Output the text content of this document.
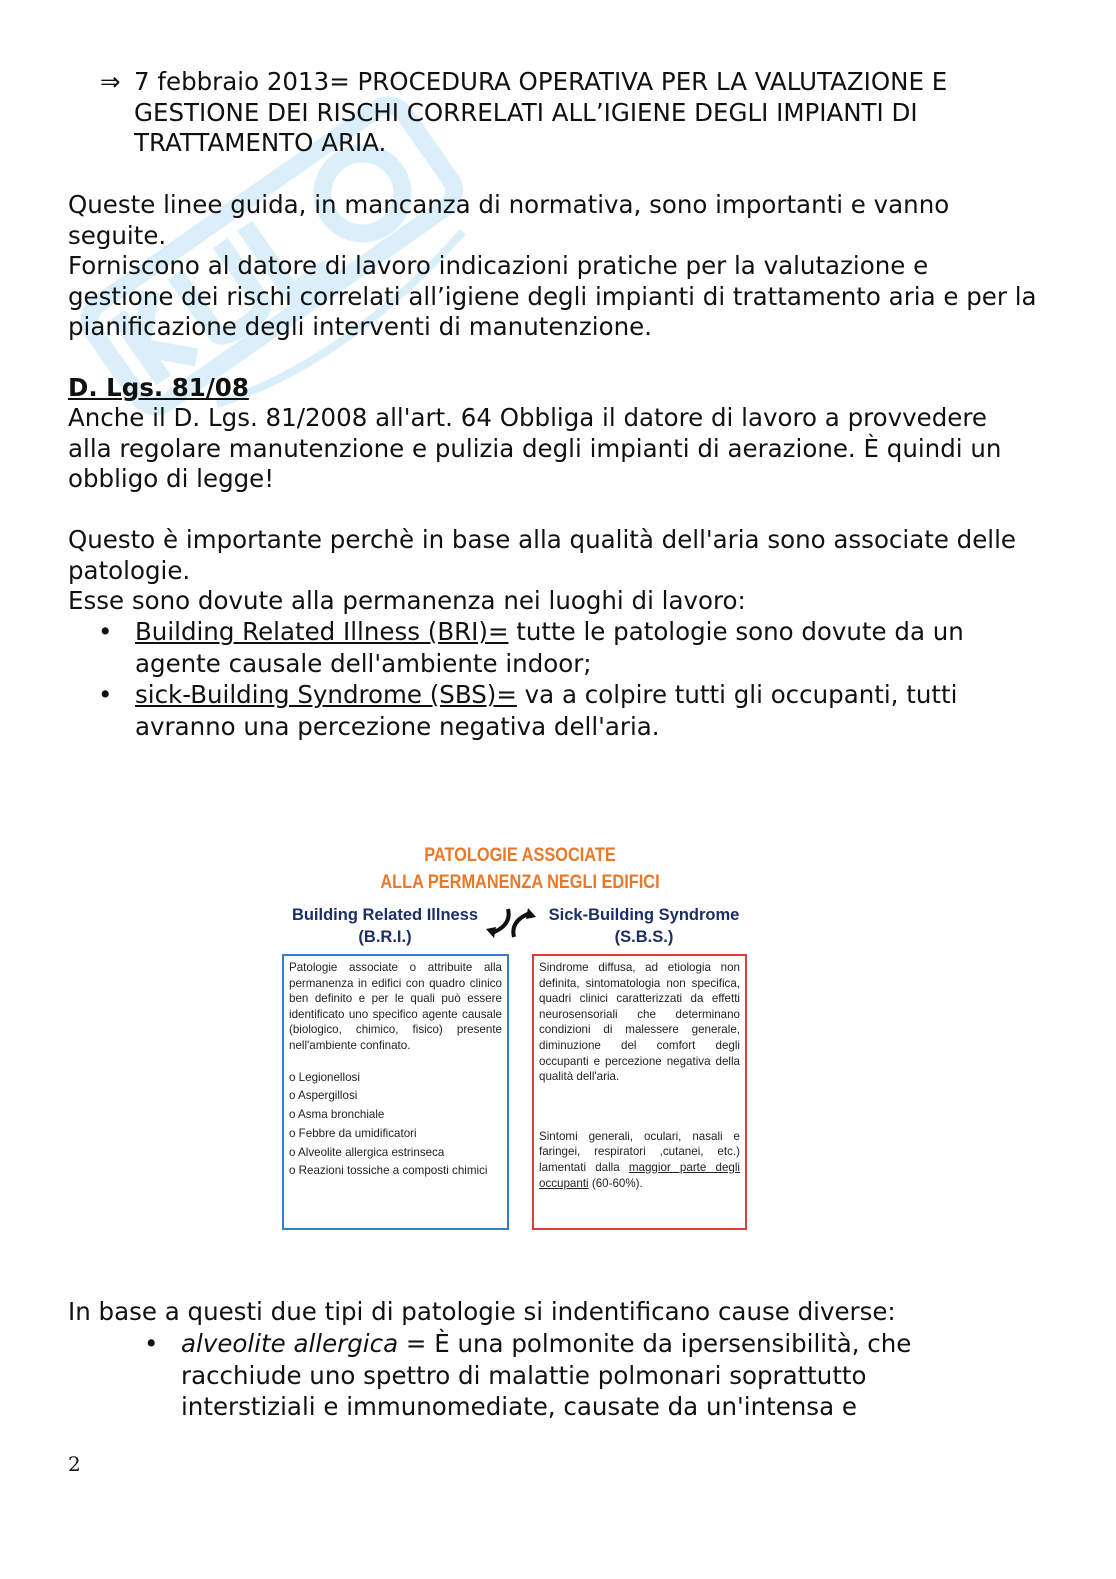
⇒ 7 febbraio 2013= PROCEDURA OPERATIVA PER LA VALUTAZIONE E GESTIONE DEI RISCHI CORRELATI ALL’IGIENE DEGLI IMPIANTI DI TRATTAMENTO ARIA.

Queste linee guida, in mancanza di normativa, sono importanti e vanno seguite.

Forniscono al datore di lavoro indicazioni pratiche per la valutazione e gestione dei rischi correlati all’igiene degli impianti di trattamento aria e per la pianificazione degli interventi di manutenzione.

D. Lgs. 81/08

Anche il D. Lgs. 81/2008 all'art. 64 Obbliga il datore di lavoro a provvedere alla regolare manutenzione e pulizia degli impianti di aerazione. È quindi un obbligo di legge!

Questo è importante perchè in base alla qualità dell'aria sono associate delle patologie.

Esse sono dovute alla permanenza nei luoghi di lavoro:

• Building Related Illness (BRI)= tutte le patologie sono dovute da un agente causale dell'ambiente indoor;
• sick-Building Syndrome (SBS)= va a colpire tutti gli occupanti, tutti avranno una percezione negativa dell'aria.
PATOLOGIE ASSOCIATE
ALLA PERMANENZA NEGLI EDIFICI
Building Related Illness
(B.R.I.)
Sick-Building Syndrome
(S.B.S.)

Patologie associate o attribuite alla permanenza in edifici con quadro clinico ben definito e per le quali può essere identificato uno specifico agente causale (biologico, chimico, fisico) presente nell'ambiente confinato.

o Legionellosi
o Aspergillosi
o Asma bronchiale
o Febbre da umidificatori
o Alveolite allergica estrinseca
o Reazioni tossiche a composti chimici

Sindrome diffusa, ad etiologia non definita, sintomatologia non specifica, quadri clinici caratterizzati da effetti neurosensoriali che determinano condizioni di malessere generale, diminuzione del comfort degli occupanti e percezione negativa della qualità dell'aria.

Sintomi generali, oculari, nasali e faringei, respiratori ,cutanei, etc.) lamentati dalla maggior parte degli occupanti (60-60%).

In base a questi due tipi di patologie si indentificano cause diverse:

• alveolite allergica = È una polmonite da ipersensibilità, che racchiude uno spettro di malattie polmonari soprattutto interstiziali e immunomediate, causate da un'intensa e
2
